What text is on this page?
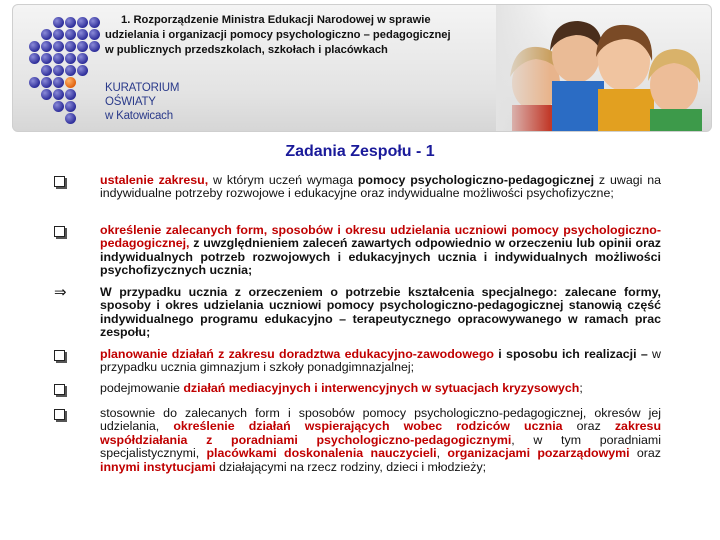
1. Rozporządzenie Ministra Edukacji Narodowej w sprawie
udzielania i organizacji pomocy psychologiczno – pedagogicznej
w publicznych przedszkolach, szkołach i placówkach
KURATORIUM
OŚWIATY
w Katowicach
Zadania Zespołu - 1
ustalenie zakresu, w którym uczeń wymaga pomocy psychologiczno-pedagogicznej z uwagi na indywidualne potrzeby rozwojowe i edukacyjne oraz indywidualne możliwości psychofizyczne;
określenie zalecanych form, sposobów i okresu udzielania uczniowi pomocy psychologiczno-pedagogicznej, z uwzględnieniem zaleceń zawartych odpowiednio w orzeczeniu lub opinii oraz indywidualnych potrzeb rozwojowych i edukacyjnych ucznia i indywidualnych możliwości psychofizycznych ucznia;
⇒	W przypadku ucznia z orzeczeniem o potrzebie kształcenia specjalnego: zalecane formy, sposoby i okres udzielania uczniowi pomocy psychologiczno-pedagogicznej stanowią część indywidualnego programu edukacyjno – terapeutycznego opracowywanego w ramach prac zespołu;
planowanie działań z zakresu doradztwa edukacyjno-zawodowego i sposobu ich realizacji – w przypadku ucznia gimnazjum i szkoły ponadgimnazjalnej;
podejmowanie działań mediacyjnych i interwencyjnych w sytuacjach kryzysowych;
stosownie do zalecanych form i sposobów pomocy psychologiczno-pedagogicznej, okresów jej udzielania, określenie działań wspierających wobec rodziców ucznia oraz zakresu współdziałania z poradniami psychologiczno-pedagogicznymi, w tym poradniami specjalistycznymi, placówkami doskonalenia nauczycieli, organizacjami pozarządowymi oraz innymi instytucjami działającymi na rzecz rodziny, dzieci i młodzieży;
